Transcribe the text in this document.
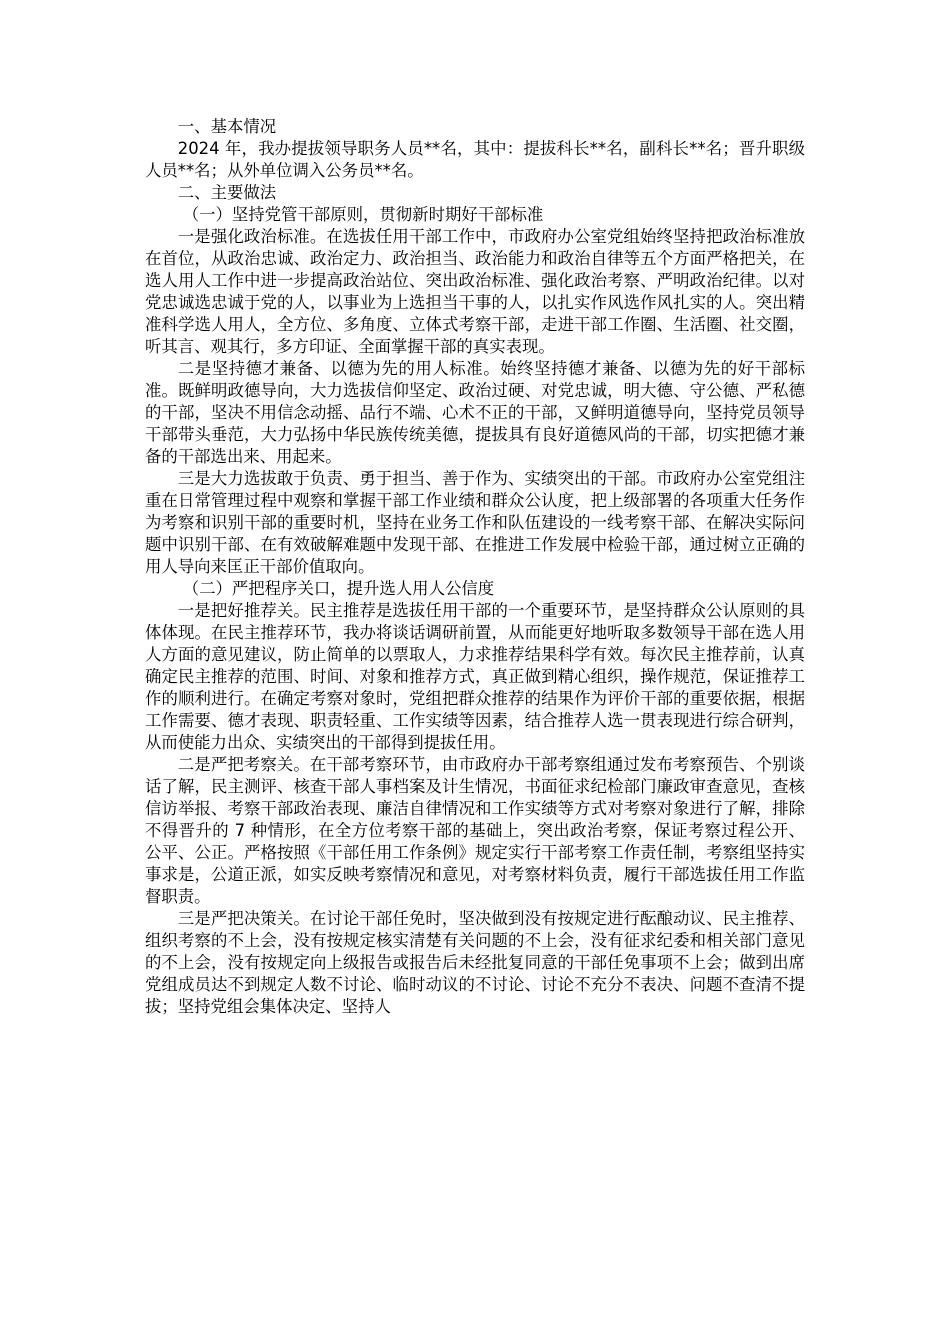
一、基本情况

2024 年，我办提拔领导职务人员**名，其中：提拔科长**名，副科长**名；晋升职级人员**名；从外单位调入公务员**名。

二、主要做法

（一）坚持党管干部原则，贯彻新时期好干部标准

一是强化政治标准。在选拔任用干部工作中，市政府办公室党组始终坚持把政治标准放在首位，从政治忠诚、政治定力、政治担当、政治能力和政治自律等五个方面严格把关，在选人用人工作中进一步提高政治站位、突出政治标准、强化政治考察、严明政治纪律。以对党忠诚选忠诚于党的人，以事业为上选担当干事的人，以扎实作风选作风扎实的人。突出精准科学选人用人，全方位、多角度、立体式考察干部，走进干部工作圈、生活圈、社交圈，听其言、观其行，多方印证、全面掌握干部的真实表现。

二是坚持德才兼备、以德为先的用人标准。始终坚持德才兼备、以德为先的好干部标准。既鲜明政德导向，大力选拔信仰坚定、政治过硬、对党忠诚，明大德、守公德、严私德的干部，坚决不用信念动摇、品行不端、心术不正的干部，又鲜明道德导向，坚持党员领导干部带头垂范，大力弘扬中华民族传统美德，提拔具有良好道德风尚的干部，切实把德才兼备的干部选出来、用起来。

三是大力选拔敢于负责、勇于担当、善于作为、实绩突出的干部。市政府办公室党组注重在日常管理过程中观察和掌握干部工作业绩和群众公认度，把上级部署的各项重大任务作为考察和识别干部的重要时机，坚持在业务工作和队伍建设的一线考察干部、在解决实际问题中识别干部、在有效破解难题中发现干部、在推进工作发展中检验干部，通过树立正确的用人导向来匡正干部价值取向。

（二）严把程序关口，提升选人用人公信度

一是把好推荐关。民主推荐是选拔任用干部的一个重要环节，是坚持群众公认原则的具体体现。在民主推荐环节，我办将谈话调研前置，从而能更好地听取多数领导干部在选人用人方面的意见建议，防止简单的以票取人，力求推荐结果科学有效。每次民主推荐前，认真确定民主推荐的范围、时间、对象和推荐方式，真正做到精心组织，操作规范，保证推荐工作的顺利进行。在确定考察对象时，党组把群众推荐的结果作为评价干部的重要依据，根据工作需要、德才表现、职责轻重、工作实绩等因素，结合推荐人选一贯表现进行综合研判，从而使能力出众、实绩突出的干部得到提拔任用。

二是严把考察关。在干部考察环节，由市政府办干部考察组通过发布考察预告、个别谈话了解，民主测评、核查干部人事档案及计生情况，书面征求纪检部门廉政审查意见，查核信访举报、考察干部政治表现、廉洁自律情况和工作实绩等方式对考察对象进行了解，排除不得晋升的 7 种情形，在全方位考察干部的基础上，突出政治考察，保证考察过程公开、公平、公正。严格按照《干部任用工作条例》规定实行干部考察工作责任制，考察组坚持实事求是，公道正派，如实反映考察情况和意见，对考察材料负责，履行干部选拔任用工作监督职责。

三是严把决策关。在讨论干部任免时，坚决做到没有按规定进行酝酿动议、民主推荐、组织考察的不上会，没有按规定核实清楚有关问题的不上会，没有征求纪委和相关部门意见的不上会，没有按规定向上级报告或报告后未经批复同意的干部任免事项不上会；做到出席党组成员达不到规定人数不讨论、临时动议的不讨论、讨论不充分不表决、问题不查清不提拔；坚持党组会集体决定、坚持人
